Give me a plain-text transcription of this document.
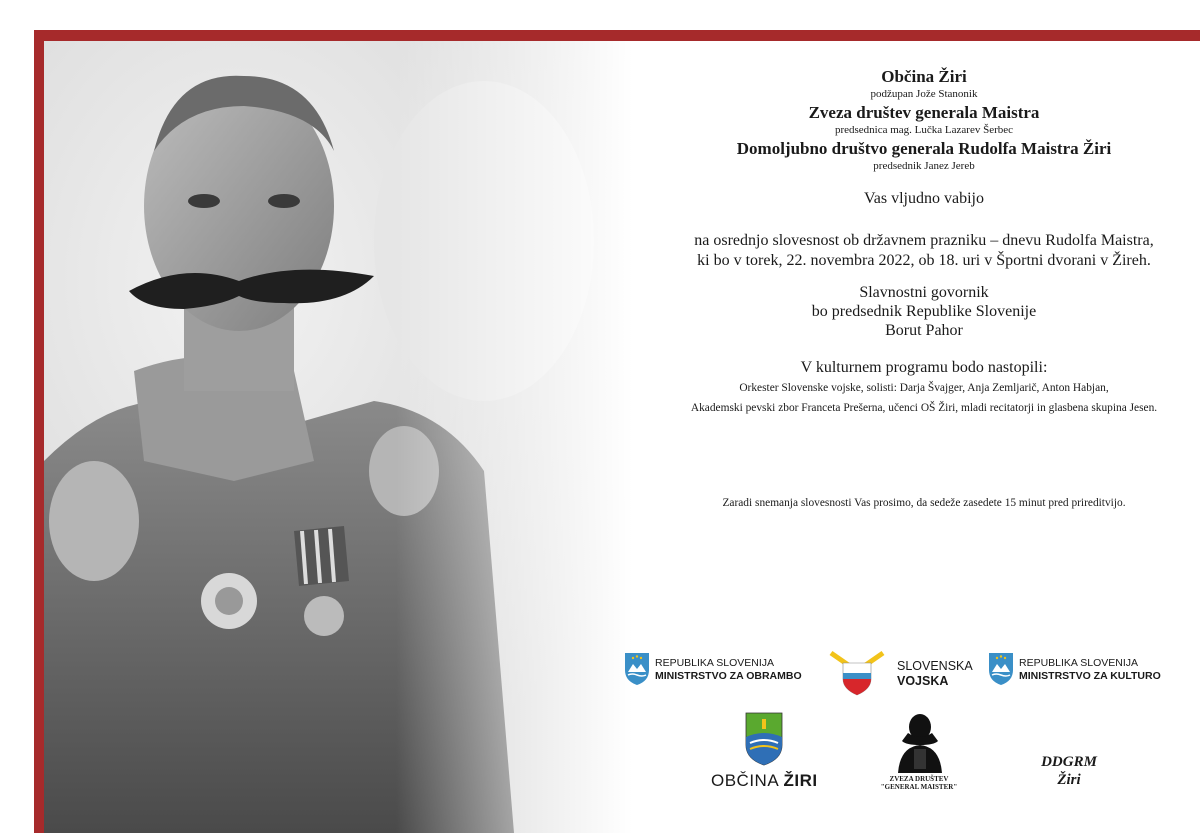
Občina Žiri
podžupan Jože Stanonik
Zveza društev generala Maistra
predsednica mag. Lučka Lazarev Šerbec
Domoljubno društvo generala Rudolfa Maistra Žiri
predsednik Janez Jereb
Vas vljudno vabijo
na osrednjo slovesnost ob državnem prazniku – dnevu Rudolfa Maistra,
ki bo v torek, 22. novembra 2022, ob 18. uri v Športni dvorani v Žireh.
Slavnostni govornik
bo predsednik Republike Slovenije
Borut Pahor
V kulturnem programu bodo nastopili:
Orkester Slovenske vojske, solisti: Darja Švajger, Anja Zemljarič, Anton Habjan,
Akademski pevski zbor Franceta Prešerna, učenci OŠ Žiri, mladi recitatorji in glasbena skupina Jesen.
Zaradi snemanja slovesnosti Vas prosimo, da sedeže zasedete 15 minut pred prireditvijo.
REPUBLIKA SLOVENIJA
MINISTRSTVO ZA OBRAMBO
SLOVENSKA
VOJSKA
REPUBLIKA SLOVENIJA
MINISTRSTVO ZA KULTURO
OBČINA ŽIRI	ZVEZA DRUŠTEV
"GENERAL MAISTER"
DDGRM
Žiri
